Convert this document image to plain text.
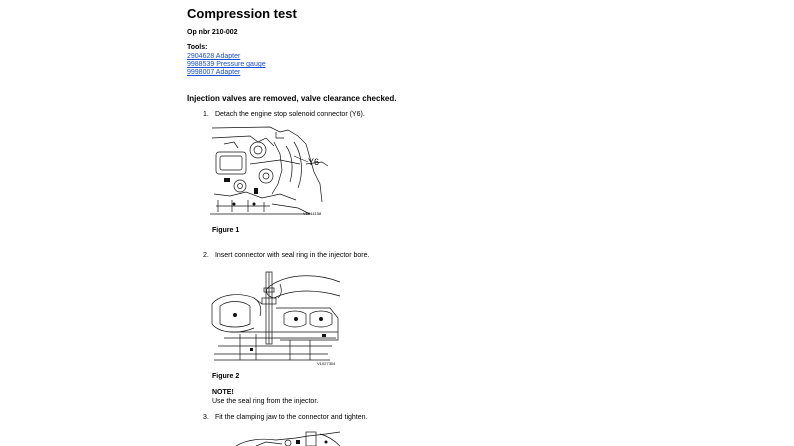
Compression test
Op nbr 210-002
Tools:
2904628 Adapter
9988539 Pressure gauge
9998007 Adapter
Injection valves are removed, valve clearance checked.
1. Detach the engine stop solenoid connector (Y6).
Y6
V1044158
Figure 1
2. Insert connector with seal ring in the injector bore.
V1027304
Figure 2
NOTE!
Use the seal ring from the injector.
3. Fit the clamping jaw to the connector and tighten.
